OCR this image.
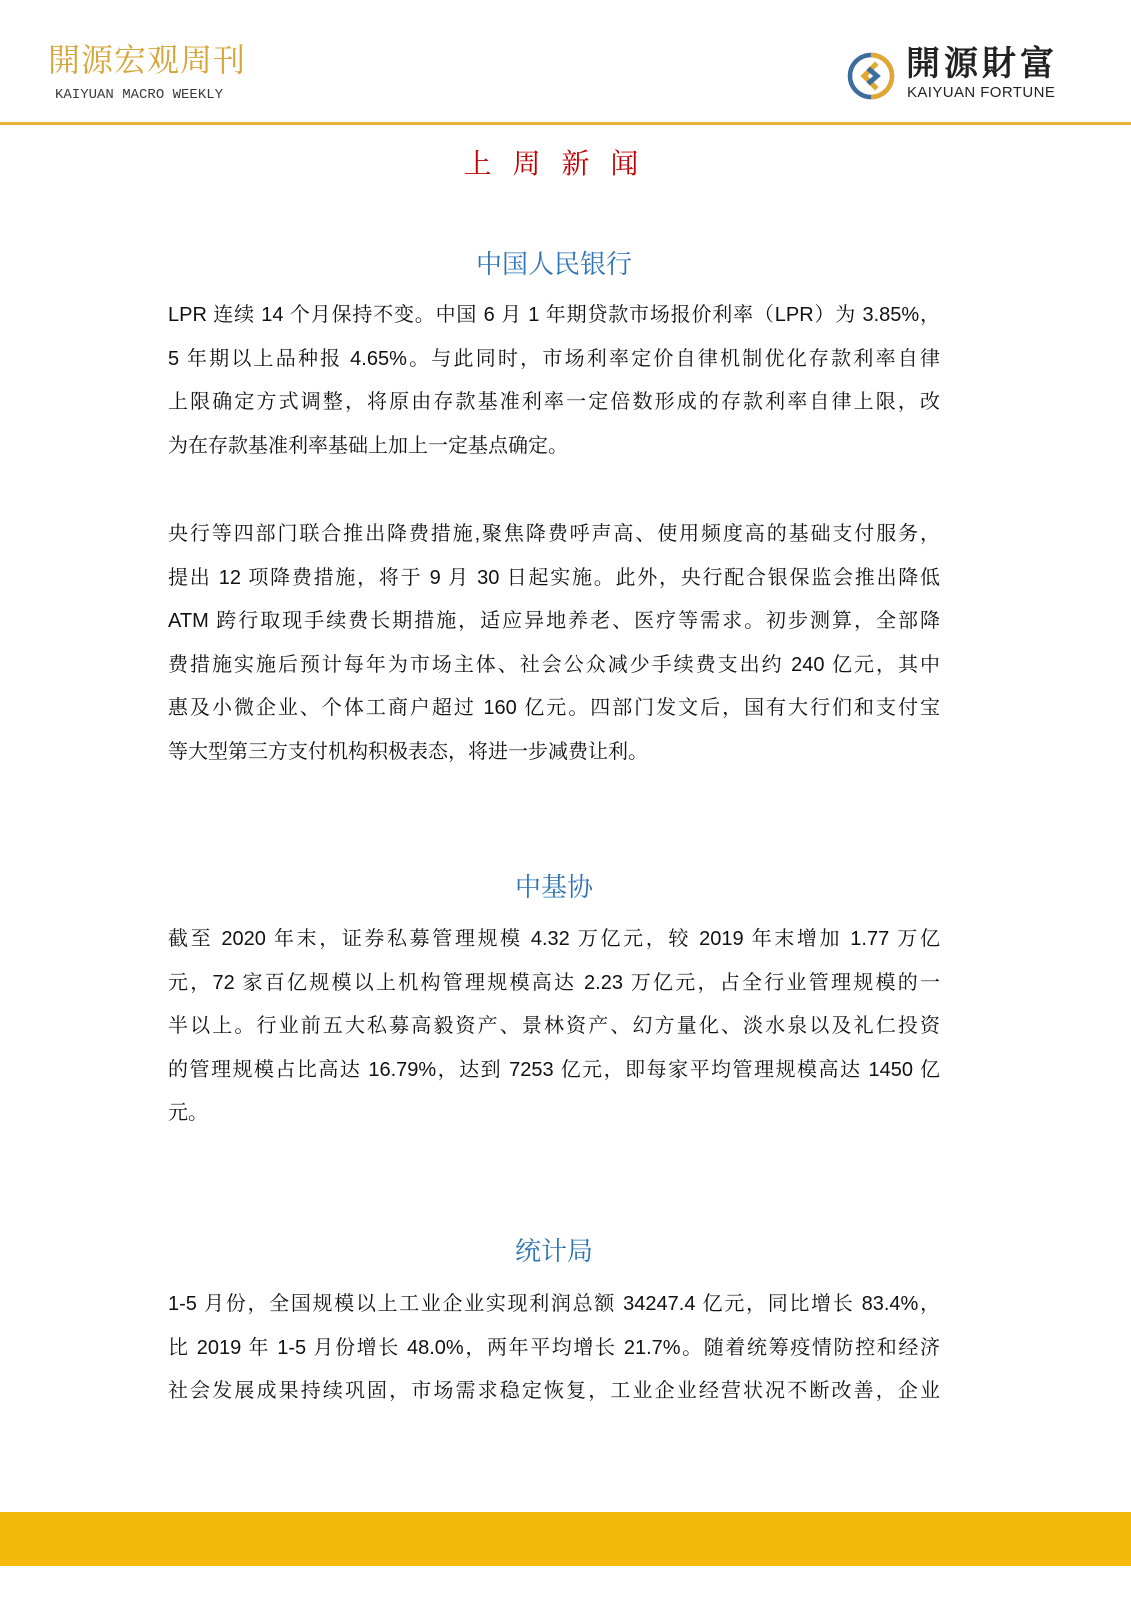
開源宏观周刊
KAIYUAN MACRO WEEKLY
開源財富
KAIYUAN FORTUNE
上 周 新 闻
中国人民银行
LPR 连续 14 个月保持不变。中国 6 月 1 年期贷款市场报价利率（LPR）为 3.85%，
5 年期以上品种报 4.65%。与此同时，市场利率定价自律机制优化存款利率自律
上限确定方式调整，将原由存款基准利率一定倍数形成的存款利率自律上限，改
为在存款基准利率基础上加上一定基点确定。
央行等四部门联合推出降费措施,聚焦降费呼声高、使用频度高的基础支付服务，
提出 12 项降费措施，将于 9 月 30 日起实施。此外，央行配合银保监会推出降低
ATM 跨行取现手续费长期措施，适应异地养老、医疗等需求。初步测算，全部降
费措施实施后预计每年为市场主体、社会公众减少手续费支出约 240 亿元，其中
惠及小微企业、个体工商户超过 160 亿元。四部门发文后，国有大行们和支付宝
等大型第三方支付机构积极表态，将进一步减费让利。
中基协
截至 2020 年末，证券私募管理规模 4.32 万亿元，较 2019 年末增加 1.77 万亿
元，72 家百亿规模以上机构管理规模高达 2.23 万亿元，占全行业管理规模的一
半以上。行业前五大私募高毅资产、景林资产、幻方量化、淡水泉以及礼仁投资
的管理规模占比高达 16.79%，达到 7253 亿元，即每家平均管理规模高达 1450 亿
元。
统计局
1-5 月份，全国规模以上工业企业实现利润总额 34247.4 亿元，同比增长 83.4%，
比 2019 年 1-5 月份增长 48.0%，两年平均增长 21.7%。随着统筹疫情防控和经济
社会发展成果持续巩固，市场需求稳定恢复，工业企业经营状况不断改善，企业
